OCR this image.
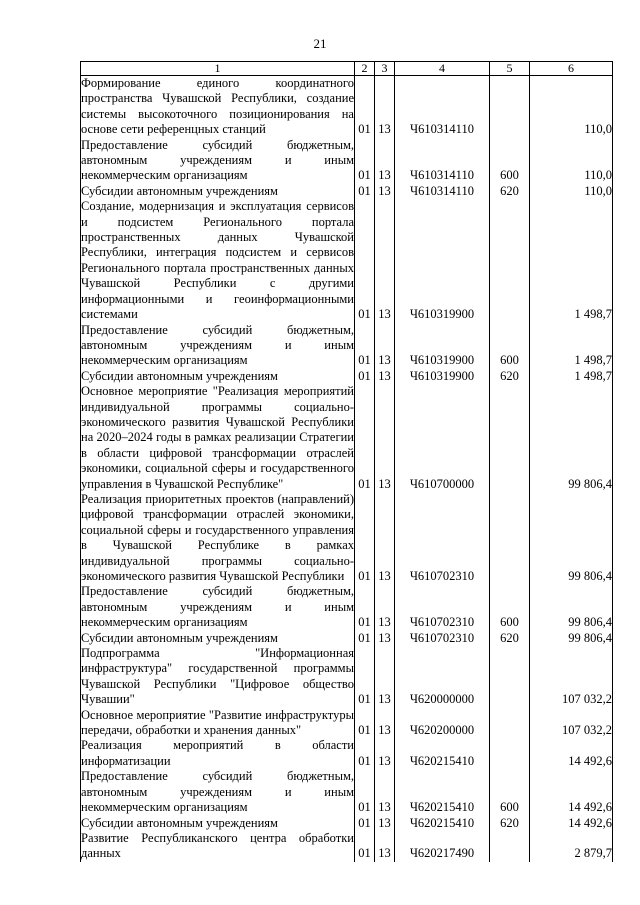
21
1	2	3	4	5	6
Формирование единого координатного пространства Чувашской Республики, создание системы высокоточного позиционирования на основе сети референцных станций	01	13	Ч610314110		110,0
Предоставление субсидий бюджетным, автономным учреждениям и иным некоммерческим организациям	01	13	Ч610314110	600	110,0
Субсидии автономным учреждениям	01	13	Ч610314110	620	110,0
Создание, модернизация и эксплуатация сервисов и подсистем Регионального портала пространственных данных Чувашской Республики, интеграция подсистем и сервисов Регионального портала пространственных данных Чувашской Республики с другими информационными и геоинформационными системами	01	13	Ч610319900		1 498,7
Предоставление субсидий бюджетным, автономным учреждениям и иным некоммерческим организациям	01	13	Ч610319900	600	1 498,7
Субсидии автономным учреждениям	01	13	Ч610319900	620	1 498,7
Основное мероприятие "Реализация мероприятий индивидуальной программы социально-экономического развития Чувашской Республики на 2020–2024 годы в рамках реализации Стратегии в области цифровой трансформации отраслей экономики, социальной сферы и государственного управления в Чувашской Республике"	01	13	Ч610700000		99 806,4
Реализация приоритетных проектов (направлений) цифровой трансформации отраслей экономики, социальной сферы и государственного управления в Чувашской Республике в рамках индивидуальной программы социально-экономического развития Чувашской Республики	01	13	Ч610702310		99 806,4
Предоставление субсидий бюджетным, автономным учреждениям и иным некоммерческим организациям	01	13	Ч610702310	600	99 806,4
Субсидии автономным учреждениям	01	13	Ч610702310	620	99 806,4
Подпрограмма "Информационная инфраструктура" государственной программы Чувашской Республики "Цифровое общество Чувашии"	01	13	Ч620000000		107 032,2
Основное мероприятие "Развитие инфраструктуры передачи, обработки и хранения данных"	01	13	Ч620200000		107 032,2
Реализация мероприятий в области информатизации	01	13	Ч620215410		14 492,6
Предоставление субсидий бюджетным, автономным учреждениям и иным некоммерческим организациям	01	13	Ч620215410	600	14 492,6
Субсидии автономным учреждениям	01	13	Ч620215410	620	14 492,6
Развитие Республиканского центра обработки данных	01	13	Ч620217490		2 879,7
